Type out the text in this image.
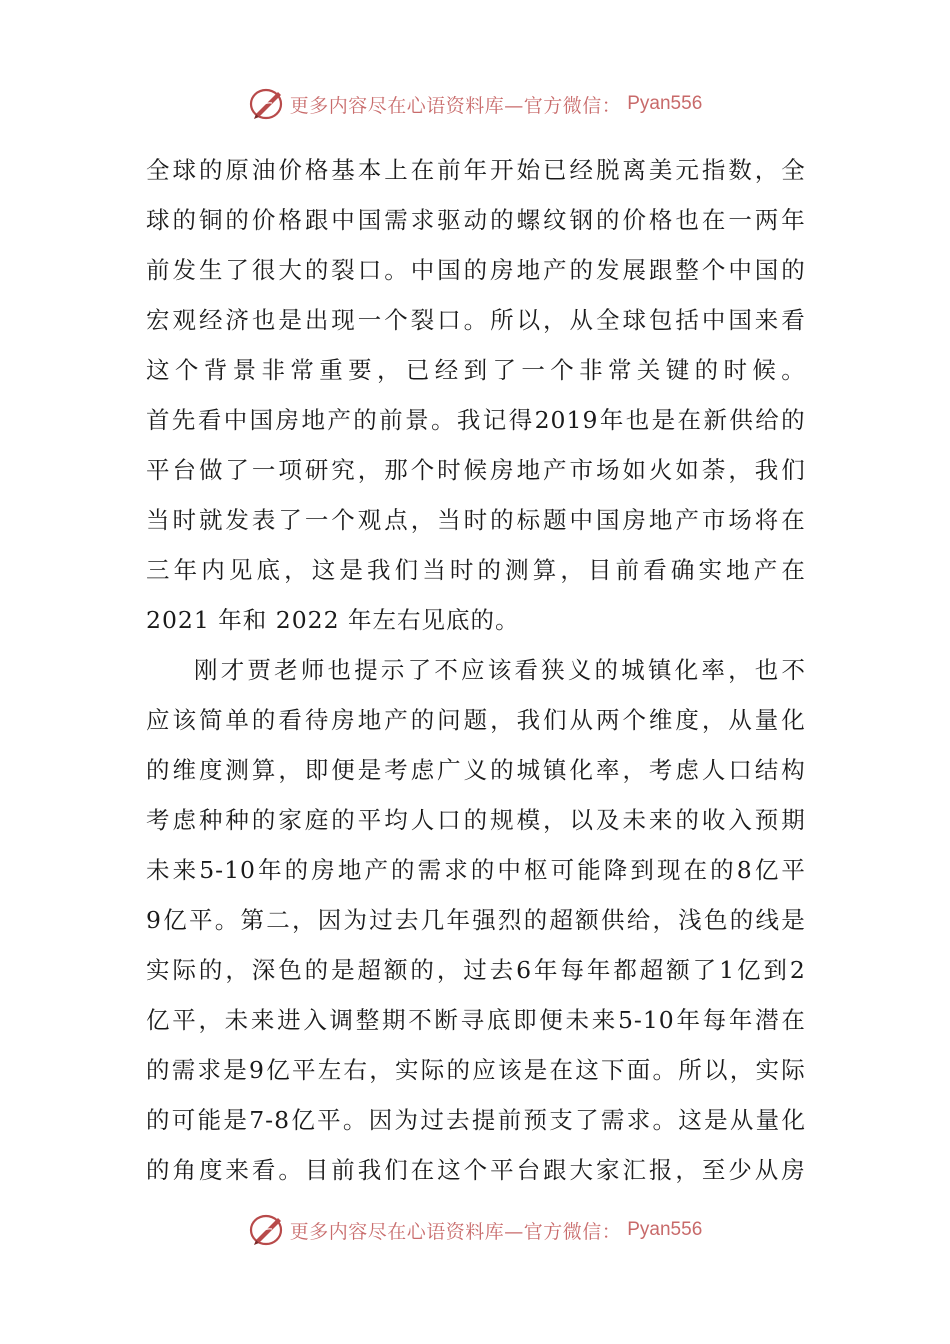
更多内容尽在心语资料库—官方微信： Pyan556
全 球 的 原 油 价 格 基 本 上 在 前 年 开 始 已 经 脱 离 美 元 指 数 ， 全
球 的 铜 的 价 格 跟 中 国 需 求 驱 动 的 螺 纹 钢 的 价 格 也 在 一 两 年
前 发 生 了 很 大 的 裂 口 。 中 国 的 房 地 产 的 发 展 跟 整 个 中 国 的
宏 观 经 济 也 是 出 现 一 个 裂 口 。 所 以 ， 从 全 球 包 括 中 国 来 看
这 个 背 景 非 常 重 要 ， 已 经 到 了 一 个 非 常 关 键 的 时 候 。
首 先 看 中 国 房 地 产 的 前 景 。 我 记 得 2019 年 也 是 在 新 供 给 的
平 台 做 了 一 项 研 究 ， 那 个 时 候 房 地 产 市 场 如 火 如 荼 ， 我 们
当 时 就 发 表 了 一 个 观 点 ， 当 时 的 标 题 中 国 房 地 产 市 场 将 在
三 年 内 见 底 ， 这 是 我 们 当 时 的 测 算 ， 目 前 看 确 实 地 产 在
2021 年和 2022 年左右见底的。
刚 才 贾 老 师 也 提 示 了 不 应 该 看 狭 义 的 城 镇 化 率 ， 也 不
应 该 简 单 的 看 待 房 地 产 的 问 题 ， 我 们 从 两 个 维 度 ， 从 量 化
的 维 度 测 算 ， 即 便 是 考 虑 广 义 的 城 镇 化 率 ， 考 虑 人 口 结 构
考 虑 种 种 的 家 庭 的 平 均 人 口 的 规 模 ， 以 及 未 来 的 收 入 预 期
未 来 5-10 年 的 房 地 产 的 需 求 的 中 枢 可 能 降 到 现 在 的 8 亿 平
9 亿 平 。 第 二 ， 因 为 过 去 几 年 强 烈 的 超 额 供 给 ， 浅 色 的 线 是
实 际 的 ， 深 色 的 是 超 额 的 ， 过 去 6 年 每 年 都 超 额 了 1 亿 到 2
亿 平 ， 未 来 进 入 调 整 期 不 断 寻 底 即 便 未 来 5-10 年 每 年 潜 在
的 需 求 是 9 亿 平 左 右 ， 实 际 的 应 该 是 在 这 下 面 。 所 以 ， 实 际
的 可 能 是 7-8 亿 平 。 因 为 过 去 提 前 预 支 了 需 求 。 这 是 从 量 化
的 角 度 来 看 。 目 前 我 们 在 这 个 平 台 跟 大 家 汇 报 ， 至 少 从 房
更多内容尽在心语资料库—官方微信： Pyan556
